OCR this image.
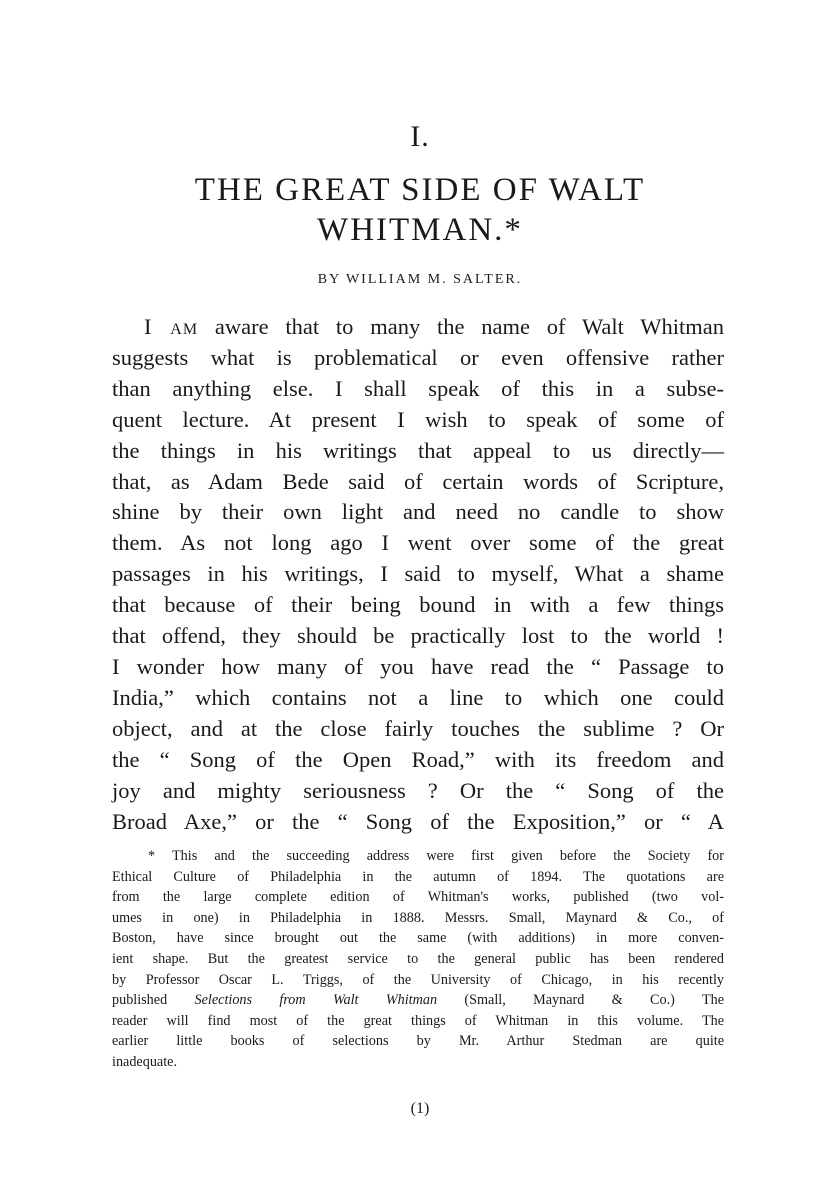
I.
THE GREAT SIDE OF WALT
WHITMAN.*
BY WILLIAM M. SALTER.
I am aware that to many the name of Walt Whitman
suggests what is problematical or even offensive rather
than anything else. I shall speak of this in a subse-
quent lecture. At present I wish to speak of some of
the things in his writings that appeal to us directly—
that, as Adam Bede said of certain words of Scripture,
shine by their own light and need no candle to show
them. As not long ago I went over some of the great
passages in his writings, I said to myself, What a shame
that because of their being bound in with a few things
that offend, they should be practically lost to the world !
I wonder how many of you have read the “ Passage to
India,” which contains not a line to which one could
object, and at the close fairly touches the sublime ? Or
the “ Song of the Open Road,” with its freedom and
joy and mighty seriousness ? Or the “ Song of the
Broad Axe,” or the “ Song of the Exposition,” or “ A
* This and the succeeding address were first given before the Society for
Ethical Culture of Philadelphia in the autumn of 1894. The quotations are
from the large complete edition of Whitman's works, published (two vol-
umes in one) in Philadelphia in 1888. Messrs. Small, Maynard & Co., of
Boston, have since brought out the same (with additions) in more conven-
ient shape. But the greatest service to the general public has been rendered
by Professor Oscar L. Triggs, of the University of Chicago, in his recently
published Selections from Walt Whitman (Small, Maynard & Co.) The
reader will find most of the great things of Whitman in this volume. The
earlier little books of selections by Mr. Arthur Stedman are quite
inadequate.
(1)
